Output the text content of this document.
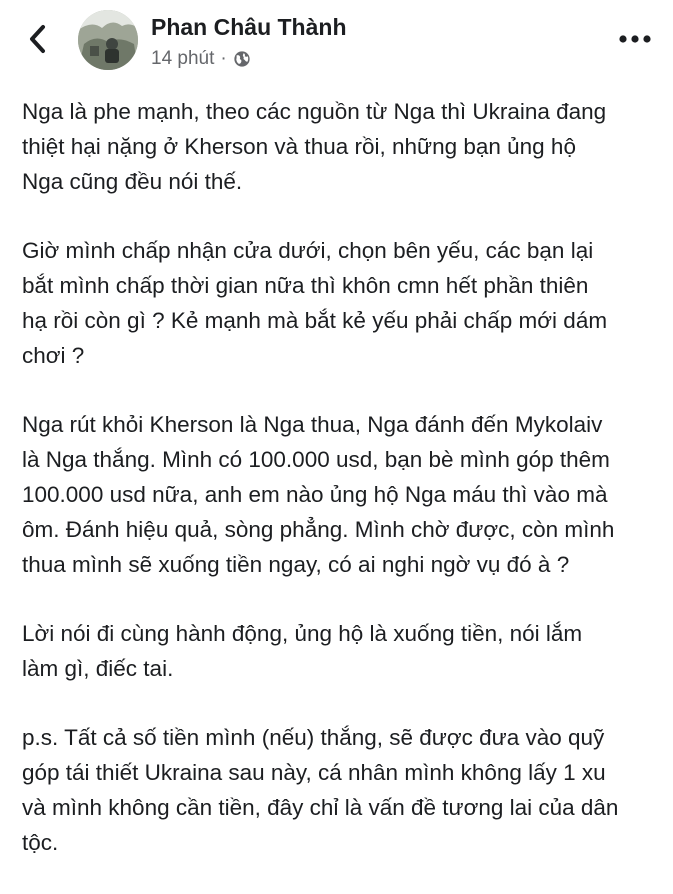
Phan Châu Thành
14 phút ·

Nga là phe mạnh, theo các nguồn từ Nga thì Ukraina đang
thiệt hại nặng ở Kherson và thua rồi, những bạn ủng hộ
Nga cũng đều nói thế.

Giờ mình chấp nhận cửa dưới, chọn bên yếu, các bạn lại
bắt mình chấp thời gian nữa thì khôn cmn hết phần thiên
hạ rồi còn gì ? Kẻ mạnh mà bắt kẻ yếu phải chấp mới dám
chơi ?

Nga rút khỏi Kherson là Nga thua, Nga đánh đến Mykolaiv
là Nga thắng. Mình có 100.000 usd, bạn bè mình góp thêm
100.000 usd nữa, anh em nào ủng hộ Nga máu thì vào mà
ôm. Đánh hiệu quả, sòng phẳng. Mình chờ được, còn mình
thua mình sẽ xuống tiền ngay, có ai nghi ngờ vụ đó à ?

Lời nói đi cùng hành động, ủng hộ là xuống tiền, nói lắm
làm gì, điếc tai.

p.s. Tất cả số tiền mình (nếu) thắng, sẽ được đưa vào quỹ
góp tái thiết Ukraina sau này, cá nhân mình không lấy 1 xu
và mình không cần tiền, đây chỉ là vấn đề tương lai của dân
tộc.
